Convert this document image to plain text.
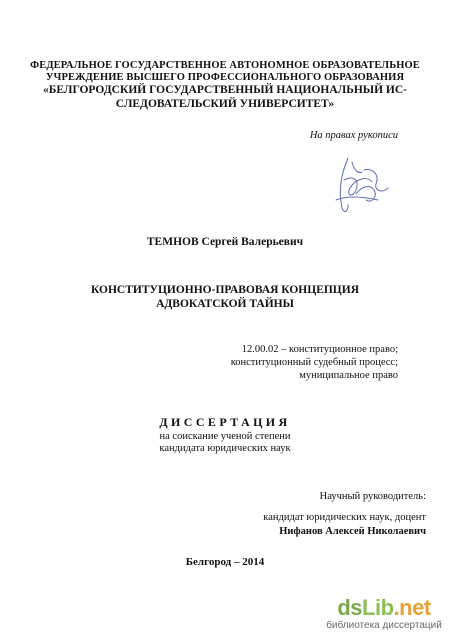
ФЕДЕРАЛЬНОЕ ГОСУДАРСТВЕННОЕ АВТОНОМНОЕ ОБРАЗОВАТЕЛЬНОЕ
УЧРЕЖДЕНИЕ ВЫСШЕГО ПРОФЕССИОНАЛЬНОГО ОБРАЗОВАНИЯ
«БЕЛГОРОДСКИЙ ГОСУДАРСТВЕННЫЙ НАЦИОНАЛЬНЫЙ ИС-
СЛЕДОВАТЕЛЬСКИЙ УНИВЕРСИТЕТ»
На правах рукописи
ТЕМНОВ Сергей Валерьевич
КОНСТИТУЦИОННО-ПРАВОВАЯ КОНЦЕПЦИЯ
АДВОКАТСКОЙ ТАЙНЫ
12.00.02 – конституционное право;
конституционный судебный процесс;
муниципальное право
ДИССЕРТАЦИЯ
на соискание ученой степени
кандидата юридических наук
Научный руководитель:
кандидат юридических наук, доцент
Нифанов Алексей Николаевич
Белгород – 2014
dsLib.net
библиотека диссертаций
